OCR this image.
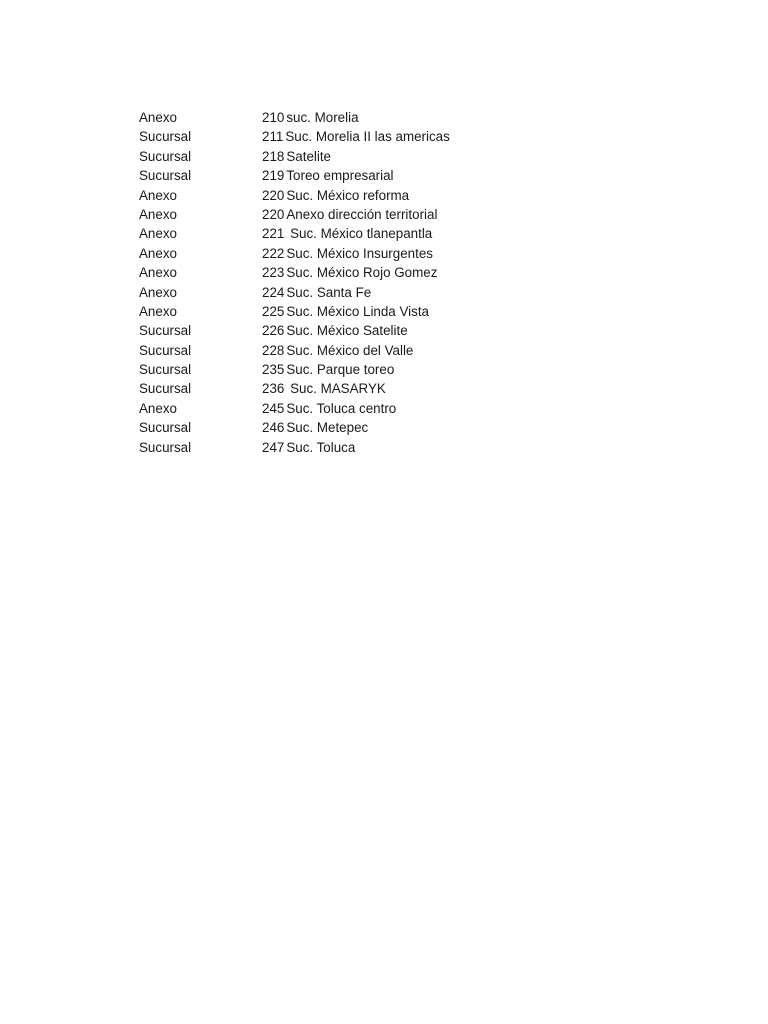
Anexo	210 suc. Morelia
Sucursal	211 Suc. Morelia II las americas
Sucursal	218 Satelite
Sucursal	219 Toreo empresarial
Anexo	220 Suc. México reforma
Anexo	220 Anexo dirección territorial
Anexo	221 Suc. México tlanepantla
Anexo	222 Suc. México Insurgentes
Anexo	223 Suc. México Rojo Gomez
Anexo	224 Suc. Santa Fe
Anexo	225 Suc. México Linda Vista
Sucursal	226 Suc. México Satelite
Sucursal	228 Suc. México del Valle
Sucursal	235 Suc. Parque toreo
Sucursal	236 Suc. MASARYK
Anexo	245 Suc. Toluca centro
Sucursal	246 Suc. Metepec
Sucursal	247 Suc. Toluca
